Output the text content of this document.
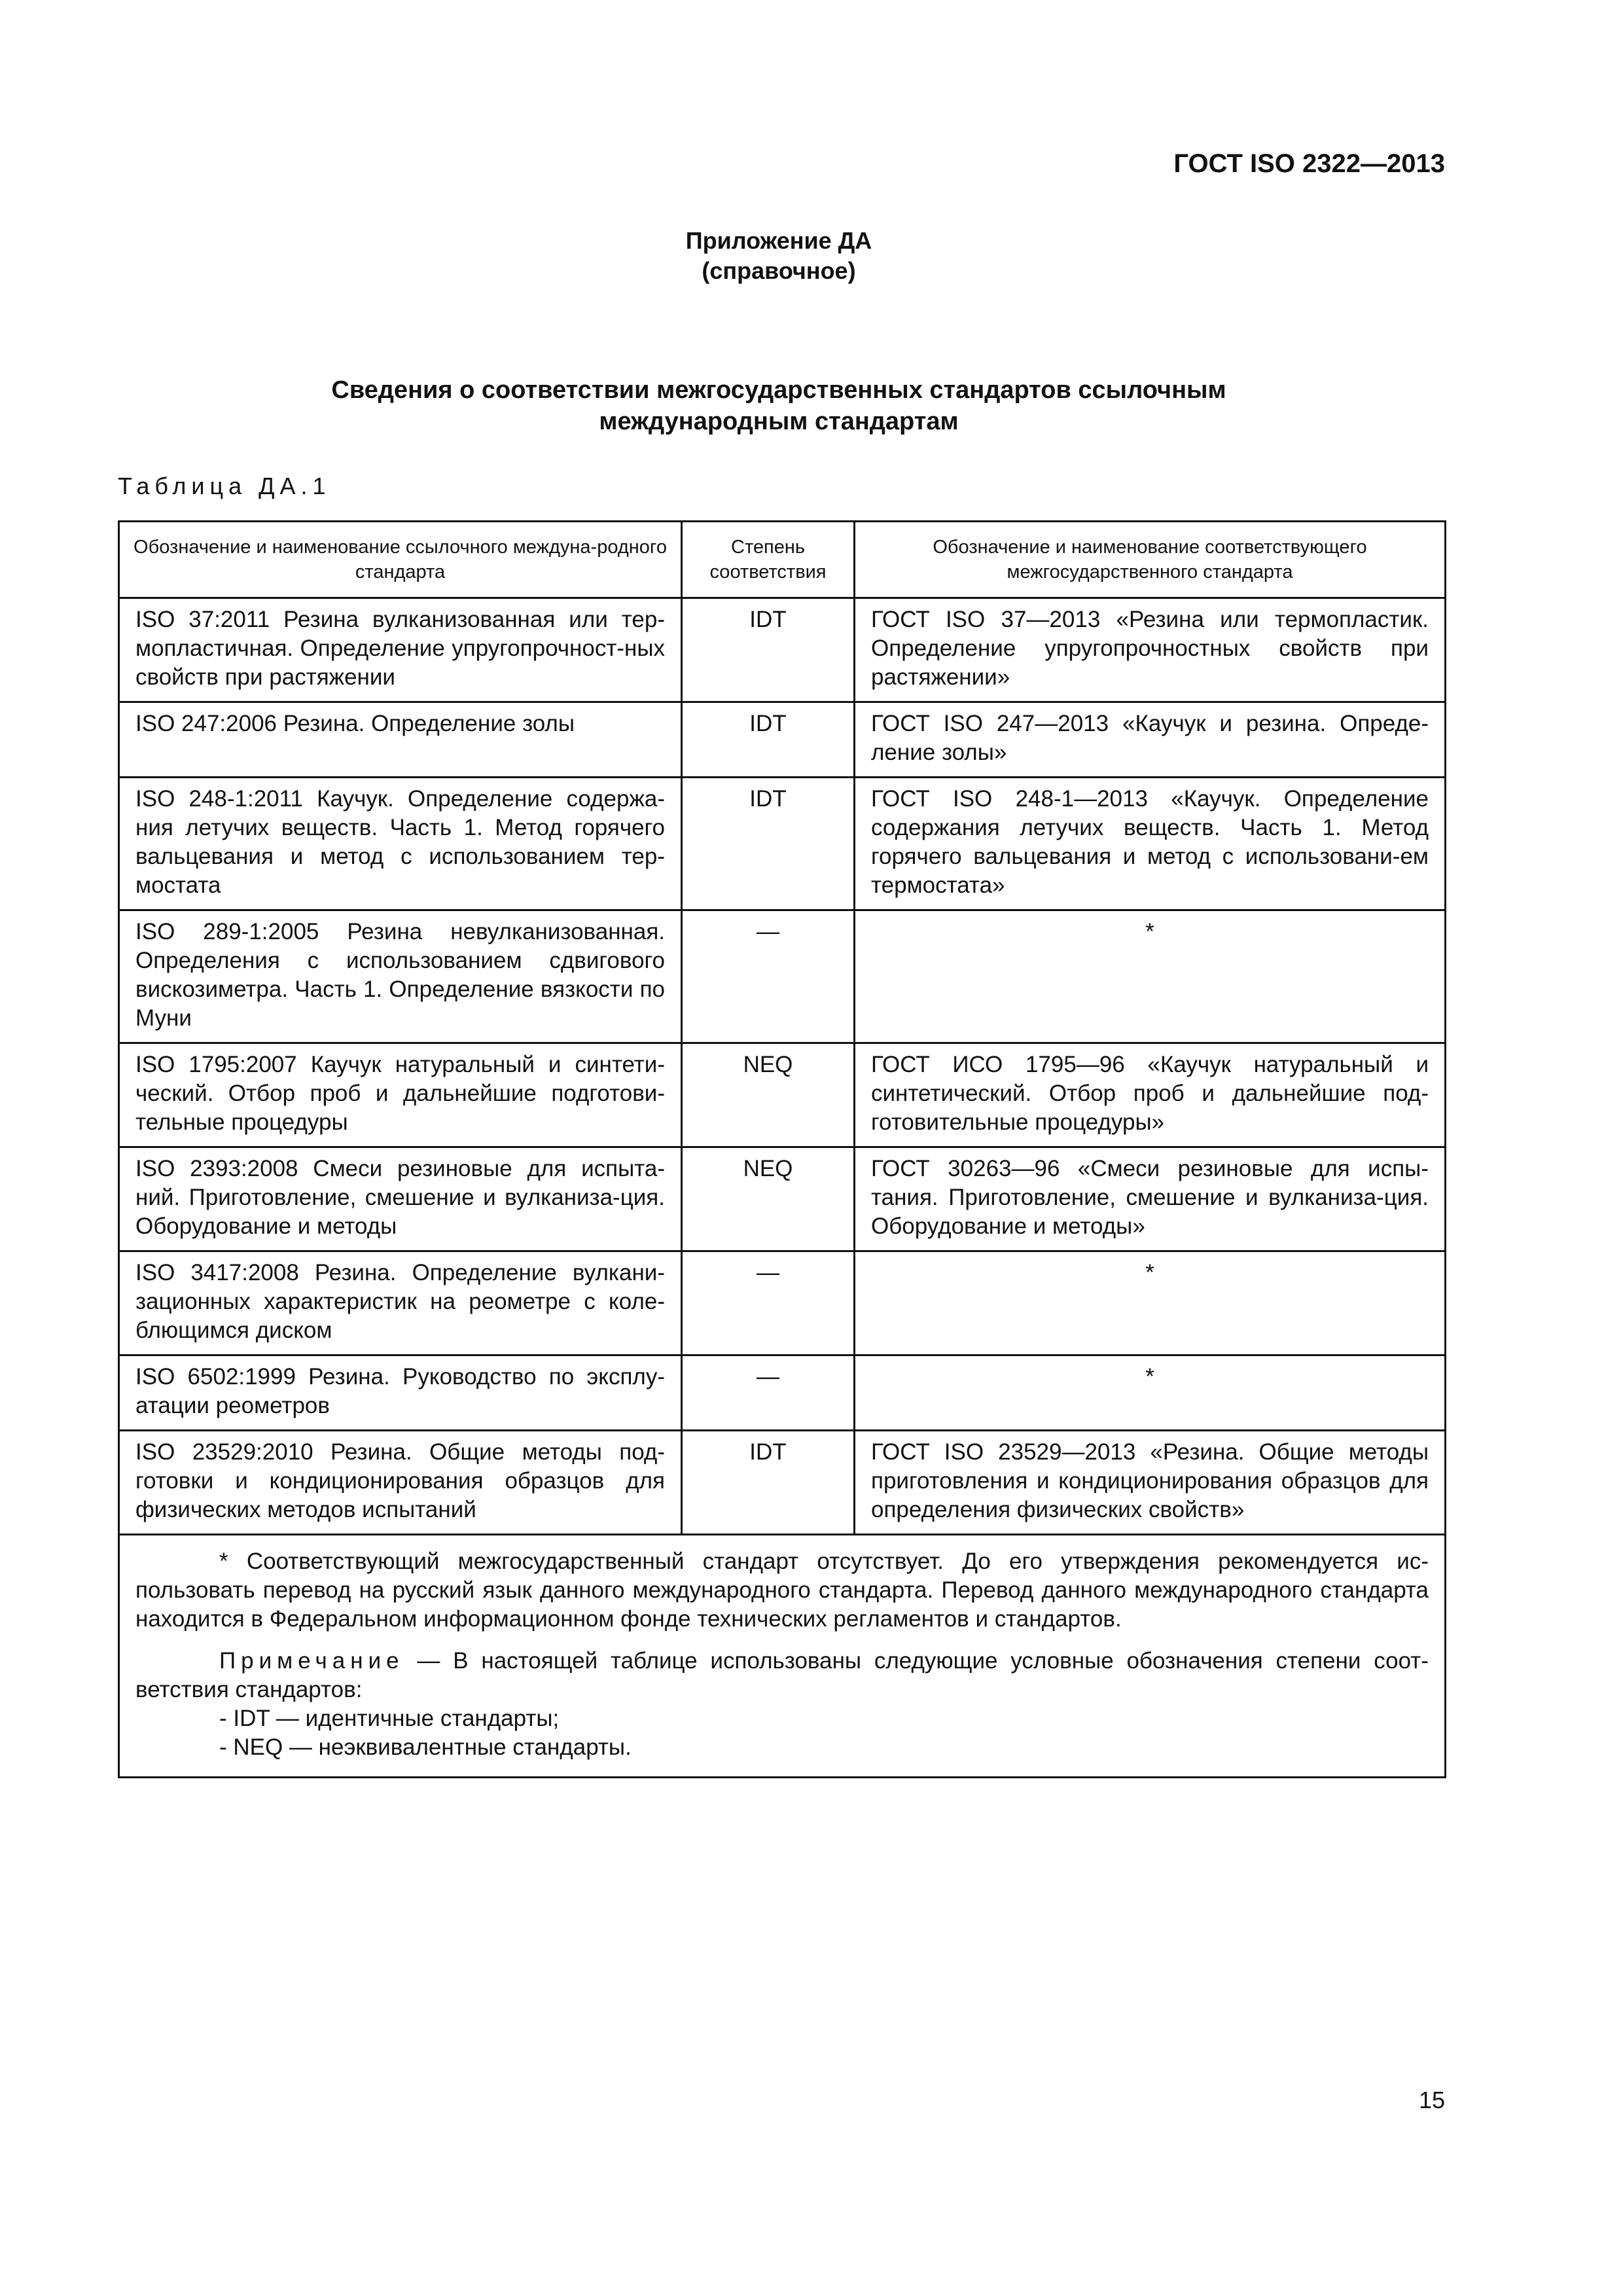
ГОСТ ISO 2322—2013
Приложение ДА
(справочное)
Сведения о соответствии межгосударственных стандартов ссылочным
международным стандартам
Таблица ДА.1
Обозначение и наименование ссылочного междуна-родного стандарта	Степень соответствия	Обозначение и наименование соответствующего межгосударственного стандарта
ISO 37:2011 Резина вулканизованная или тер-мопластичная. Определение упругопрочност-ных свойств при растяжении	IDT	ГОСТ ISO 37—2013 «Резина или термопластик. Определение упругопрочностных свойств при растяжении»
ISO 247:2006 Резина. Определение золы	IDT	ГОСТ ISO 247—2013 «Каучук и резина. Опреде-ление золы»
ISO 248-1:2011 Каучук. Определение содержа-ния летучих веществ. Часть 1. Метод горячего вальцевания и метод с использованием тер-мостата	IDT	ГОСТ ISO 248-1—2013 «Каучук. Определение содержания летучих веществ. Часть 1. Метод горячего вальцевания и метод с использовани-ем термостата»
ISO 289-1:2005 Резина невулканизованная. Определения с использованием сдвигового вискозиметра. Часть 1. Определение вязкости по Муни	—	*
ISO 1795:2007 Каучук натуральный и синтети-ческий. Отбор проб и дальнейшие подготови-тельные процедуры	NEQ	ГОСТ ИСО 1795—96 «Каучук натуральный и синтетический. Отбор проб и дальнейшие под-готовительные процедуры»
ISO 2393:2008 Смеси резиновые для испыта-ний. Приготовление, смешение и вулканиза-ция. Оборудование и методы	NEQ	ГОСТ 30263—96 «Смеси резиновые для испы-тания. Приготовление, смешение и вулканиза-ция. Оборудование и методы»
ISO 3417:2008 Резина. Определение вулкани-зационных характеристик на реометре с коле-блющимся диском	—	*
ISO 6502:1999 Резина. Руководство по эксплу-атации реометров	—	*
ISO 23529:2010 Резина. Общие методы под-готовки и кондиционирования образцов для физических методов испытаний	IDT	ГОСТ ISO 23529—2013 «Резина. Общие методы приготовления и кондиционирования образцов для определения физических свойств»

* Соответствующий межгосударственный стандарт отсутствует. До его утверждения рекомендуется ис-пользовать перевод на русский язык данного международного стандарта. Перевод данного международного стандарта находится в Федеральном информационном фонде технических регламентов и стандартов.

Примечание — В настоящей таблице использованы следующие условные обозначения степени соот-ветствия стандартов:

- IDT — идентичные стандарты;
- NEQ — неэквивалентные стандарты.		
15
